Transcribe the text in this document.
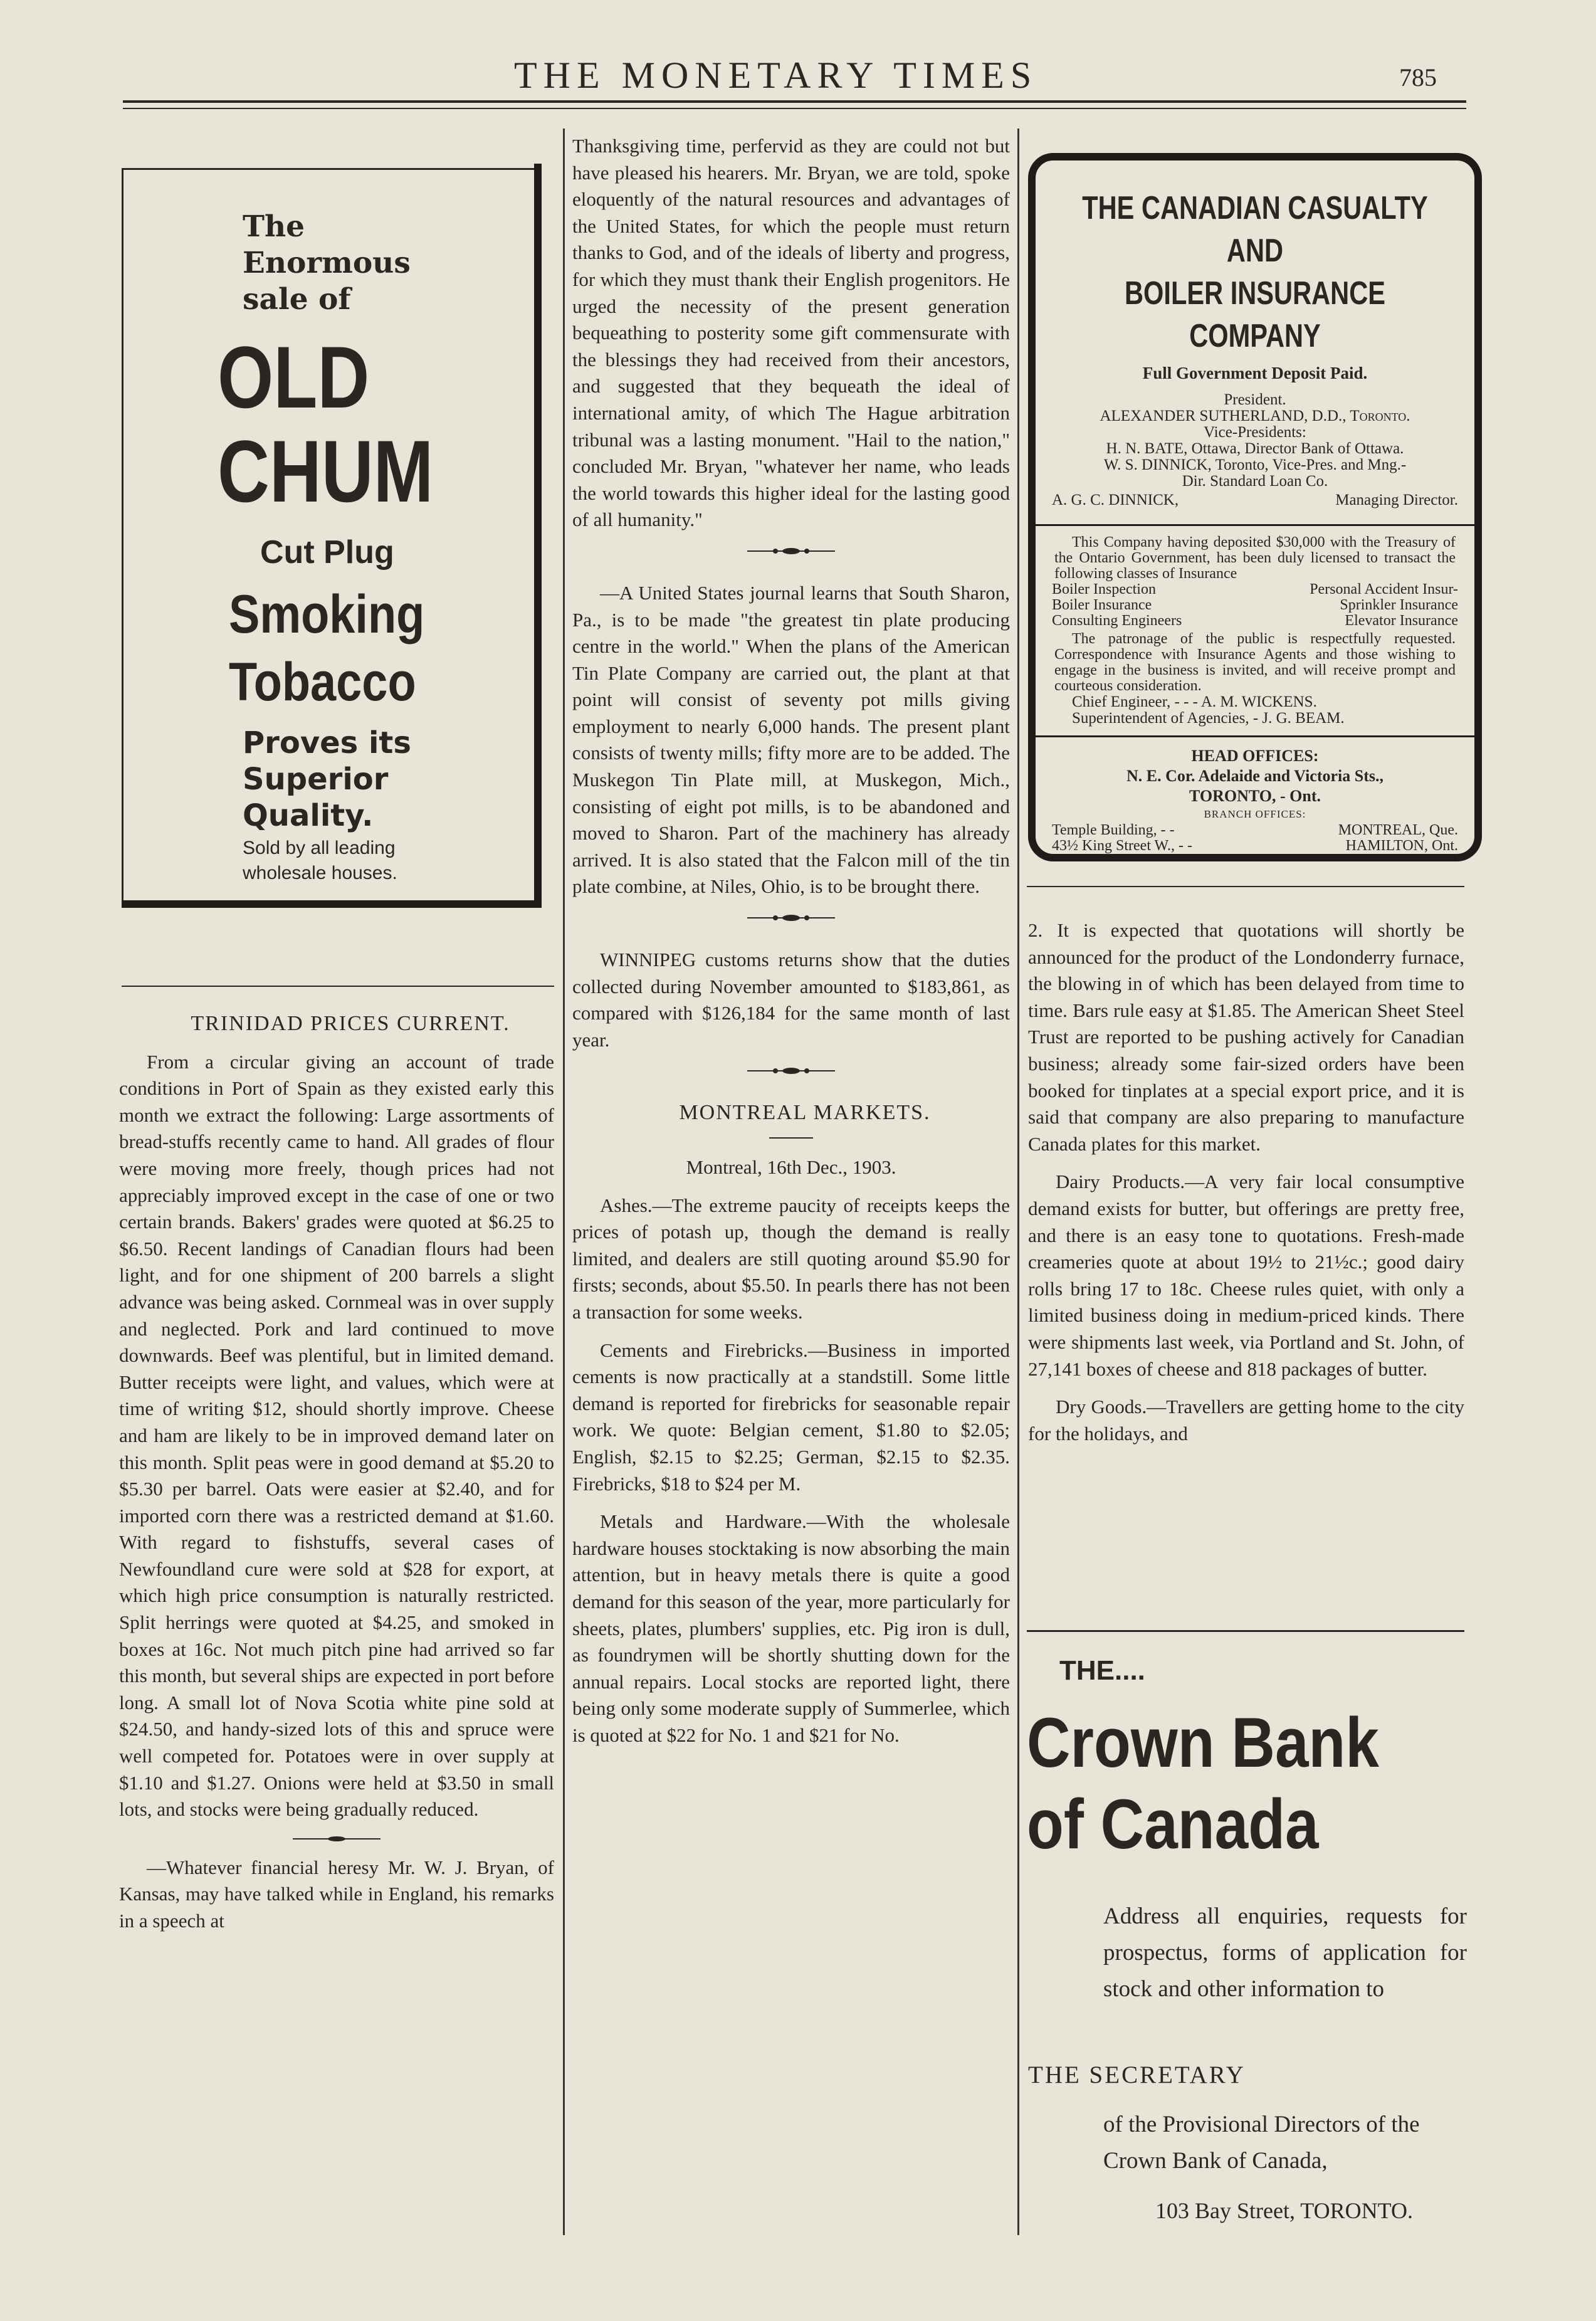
THE MONETARY TIMES	785
The
Enormous
sale of
OLD
CHUM
Cut Plug
Smoking
Tobacco
Proves its
Superior
Quality.
Sold by all leading
wholesale houses.

TRINIDAD PRICES CURRENT.

From a circular giving an account of trade conditions in Port of Spain as they existed early this month we extract the following: Large assortments of bread-stuffs recently came to hand. All grades of flour were moving more freely, though prices had not appreciably improved except in the case of one or two certain brands. Bakers' grades were quoted at $6.25 to $6.50. Recent landings of Canadian flours had been light, and for one shipment of 200 barrels a slight advance was being asked. Cornmeal was in over supply and neglected. Pork and lard continued to move downwards. Beef was plentiful, but in limited demand. Butter receipts were light, and values, which were at time of writing $12, should shortly improve. Cheese and ham are likely to be in improved demand later on this month. Split peas were in good demand at $5.20 to $5.30 per barrel. Oats were easier at $2.40, and for imported corn there was a restricted demand at $1.60. With regard to fishstuffs, several cases of Newfoundland cure were sold at $28 for export, at which high price consumption is naturally restricted. Split herrings were quoted at $4.25, and smoked in boxes at 16c. Not much pitch pine had arrived so far this month, but several ships are expected in port before long. A small lot of Nova Scotia white pine sold at $24.50, and handy-sized lots of this and spruce were well competed for. Potatoes were in over supply at $1.10 and $1.27. Onions were held at $3.50 in small lots, and stocks were being gradually reduced.

—Whatever financial heresy Mr. W. J. Bryan, of Kansas, may have talked while in England, his remarks in a speech at

Thanksgiving time, perfervid as they are could not but have pleased his hearers. Mr. Bryan, we are told, spoke eloquently of the natural resources and advantages of the United States, for which the people must return thanks to God, and of the ideals of liberty and progress, for which they must thank their English progenitors. He urged the necessity of the present generation bequeathing to posterity some gift commensurate with the blessings they had received from their ancestors, and suggested that they bequeath the ideal of international amity, of which The Hague arbitration tribunal was a lasting monument. "Hail to the nation," concluded Mr. Bryan, "whatever her name, who leads the world towards this higher ideal for the lasting good of all humanity."

—A United States journal learns that South Sharon, Pa., is to be made "the greatest tin plate producing centre in the world." When the plans of the American Tin Plate Company are carried out, the plant at that point will consist of seventy pot mills giving employment to nearly 6,000 hands. The present plant consists of twenty mills; fifty more are to be added. The Muskegon Tin Plate mill, at Muskegon, Mich., consisting of eight pot mills, is to be abandoned and moved to Sharon. Part of the machinery has already arrived. It is also stated that the Falcon mill of the tin plate combine, at Niles, Ohio, is to be brought there.

WINNIPEG customs returns show that the duties collected during November amounted to $183,861, as compared with $126,184 for the same month of last year.

MONTREAL MARKETS.

Montreal, 16th Dec., 1903.

Ashes.—The extreme paucity of receipts keeps the prices of potash up, though the demand is really limited, and dealers are still quoting around $5.90 for firsts; seconds, about $5.50. In pearls there has not been a transaction for some weeks.

Cements and Firebricks.—Business in imported cements is now practically at a standstill. Some little demand is reported for firebricks for seasonable repair work. We quote: Belgian cement, $1.80 to $2.05; English, $2.15 to $2.25; German, $2.15 to $2.35. Firebricks, $18 to $24 per M.

Metals and Hardware.—With the wholesale hardware houses stocktaking is now absorbing the main attention, but in heavy metals there is quite a good demand for this season of the year, more particularly for sheets, plates, plumbers' supplies, etc. Pig iron is dull, as foundrymen will be shortly shutting down for the annual repairs. Local stocks are reported light, there being only some moderate supply of Summerlee, which is quoted at $22 for No. 1 and $21 for No.

THE CANADIAN CASUALTY AND
BOILER INSURANCE COMPANY
Full Government Deposit Paid.
President.
ALEXANDER SUTHERLAND, D.D., Toronto.
Vice-Presidents:
H. N. BATE, Ottawa, Director Bank of Ottawa.
W. S. DINNICK, Toronto, Vice-Pres. and Mng.-
Dir. Standard Loan Co.
A. G. C. DINNICK,	Managing Director.
This Company having deposited $30,000 with the Treasury of the Ontario Government, has been duly licensed to transact the following classes of Insurance
Boiler Inspection	Personal Accident Insur-
Boiler Insurance	Sprinkler Insurance
Consulting Engineers	Elevator Insurance
The patronage of the public is respectfully requested. Correspondence with Insurance Agents and those wishing to engage in the business is invited, and will receive prompt and courteous consideration.
Chief Engineer, - - - A. M. WICKENS.
Superintendent of Agencies, - J. G. BEAM.
HEAD OFFICES:
N. E. Cor. Adelaide and Victoria Sts.,
TORONTO, - Ont.
BRANCH OFFICES:
Temple Building, - -	MONTREAL, Que.
43½ King Street W., - -	HAMILTON, Ont.

2. It is expected that quotations will shortly be announced for the product of the Londonderry furnace, the blowing in of which has been delayed from time to time. Bars rule easy at $1.85. The American Sheet Steel Trust are reported to be pushing actively for Canadian business; already some fair-sized orders have been booked for tinplates at a special export price, and it is said that company are also preparing to manufacture Canada plates for this market.

Dairy Products.—A very fair local consumptive demand exists for butter, but offerings are pretty free, and there is an easy tone to quotations. Fresh-made creameries quote at about 19½ to 21½c.; good dairy rolls bring 17 to 18c. Cheese rules quiet, with only a limited business doing in medium-priced kinds. There were shipments last week, via Portland and St. John, of 27,141 boxes of cheese and 818 packages of butter.

Dry Goods.—Travellers are getting home to the city for the holidays, and

THE....
Crown Bank
of Canada
Address all enquiries, requests for prospectus, forms of application for stock and other information to
THE SECRETARY
of the Provisional Directors of the Crown Bank of Canada,
103 Bay Street, TORONTO.
